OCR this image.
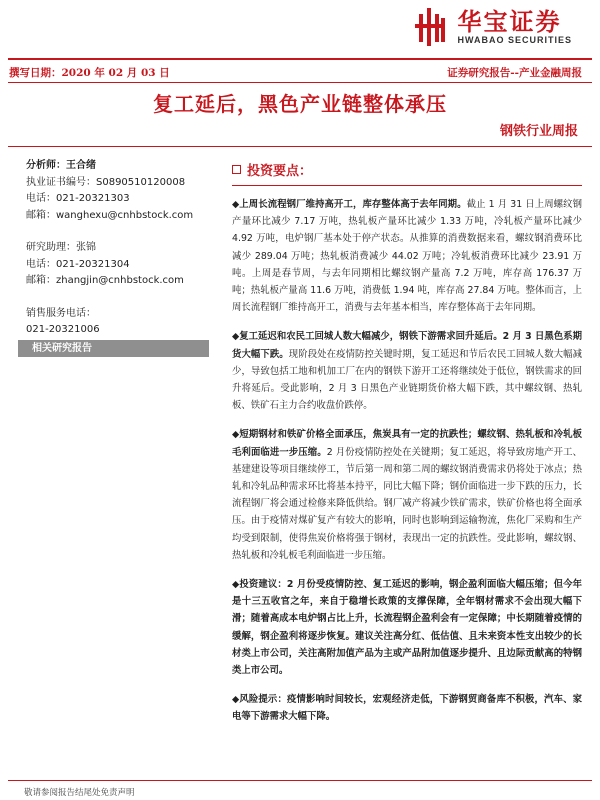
华宝证券
HWABAO SECURITIES
撰写日期：2020 年 02 月 03 日	证券研究报告--产业金融周报
复工延后，黑色产业链整体承压
钢铁行业周报
分析师：王合绪
执业证书编号：S0890510120008
电话：021-20321303
邮箱：wanghexu@cnhbstock.com
研究助理：张锦
电话：021-20321304
邮箱：zhangjin@cnhbstock.com
销售服务电话：
021-20321006
相关研究报告
投资要点：
◆上周长流程钢厂维持高开工，库存整体高于去年同期。截止 1 月 31 日上周螺纹钢产量环比减少 7.17 万吨，热轧板产量环比减少 1.33 万吨，冷轧板产量环比减少 4.92 万吨，电炉钢厂基本处于停产状态。从推算的消费数据来看，螺纹钢消费环比减少 289.04 万吨；热轧板消费减少 44.02 万吨；冷轧板消费环比减少 23.91 万吨。上周是春节周，与去年同期相比螺纹钢产量高 7.2 万吨，库存高 176.37 万吨；热轧板产量高 11.6 万吨，消费低 1.94 吨，库存高 27.84 万吨。整体而言，上周长流程钢厂维持高开工，消费与去年基本相当，库存整体高于去年同期。
◆复工延迟和农民工回城人数大幅减少，钢铁下游需求回升延后。2 月 3 日黑色系期货大幅下跌。现阶段处在疫情防控关键时期，复工延迟和节后农民工回城人数大幅减少，导致包括工地和机加工厂在内的钢铁下游开工还将继续处于低位，钢铁需求的回升将延后。受此影响，2 月 3 日黑色产业链期货价格大幅下跌，其中螺纹钢、热轧板、铁矿石主力合约收盘价跌停。
◆短期钢材和铁矿价格全面承压，焦炭具有一定的抗跌性；螺纹钢、热轧板和冷轧板毛利面临进一步压缩。2 月份疫情防控处在关键期；复工延迟，将导致房地产开工、基建建设等项目继续停工，节后第一周和第二周的螺纹钢消费需求仍将处于冰点；热轧和冷轧品种需求环比将基本持平，同比大幅下降；钢价面临进一步下跌的压力，长流程钢厂将会通过检修来降低供给。钢厂减产将减少铁矿需求，铁矿价格也将全面承压。由于疫情对煤矿复产有较大的影响，同时也影响到运输物流，焦化厂采购和生产均受到限制，使得焦炭价格将强于钢材，表现出一定的抗跌性。受此影响，螺纹钢、热轧板和冷轧板毛利面临进一步压缩。
◆投资建议：2 月份受疫情防控、复工延迟的影响，钢企盈利面临大幅压缩；但今年是十三五收官之年，来自于稳增长政策的支撑保障，全年钢材需求不会出现大幅下滑；随着高成本电炉钢占比上升，长流程钢企盈利会有一定保障；中长期随着疫情的缓解，钢企盈利将逐步恢复。建议关注高分红、低估值、且未来资本性支出较少的长材类上市公司，关注高附加值产品为主或产品附加值逐步提升、且边际贡献高的特钢类上市公司。
◆风险提示：疫情影响时间较长，宏观经济走低，下游钢贸商备库不积极，汽车、家电等下游需求大幅下降。
敬请参阅报告结尾处免责声明
